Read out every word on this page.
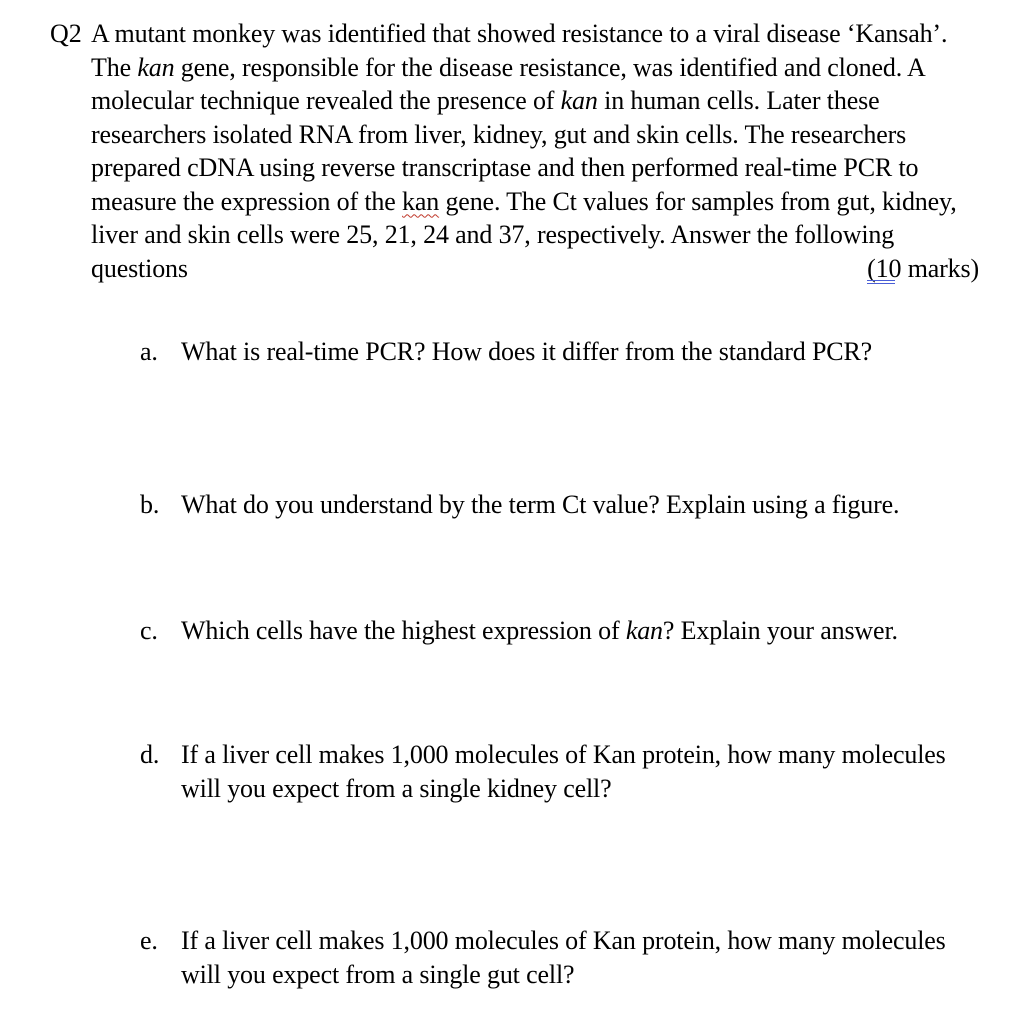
Q2 A mutant monkey was identified that showed resistance to a viral disease ‘Kansah’.
The kan gene, responsible for the disease resistance, was identified and cloned. A
molecular technique revealed the presence of kan in human cells. Later these
researchers isolated RNA from liver, kidney, gut and skin cells. The researchers
prepared cDNA using reverse transcriptase and then performed real-time PCR to
measure the expression of the kan gene. The Ct values for samples from gut, kidney,
liver and skin cells were 25, 21, 24 and 37, respectively. Answer the following
questions	(10 marks)
a. What is real-time PCR? How does it differ from the standard PCR?
b. What do you understand by the term Ct value? Explain using a figure.
c. Which cells have the highest expression of kan? Explain your answer.
d. If a liver cell makes 1,000 molecules of Kan protein, how many molecules
will you expect from a single kidney cell?
e. If a liver cell makes 1,000 molecules of Kan protein, how many molecules
will you expect from a single gut cell?
